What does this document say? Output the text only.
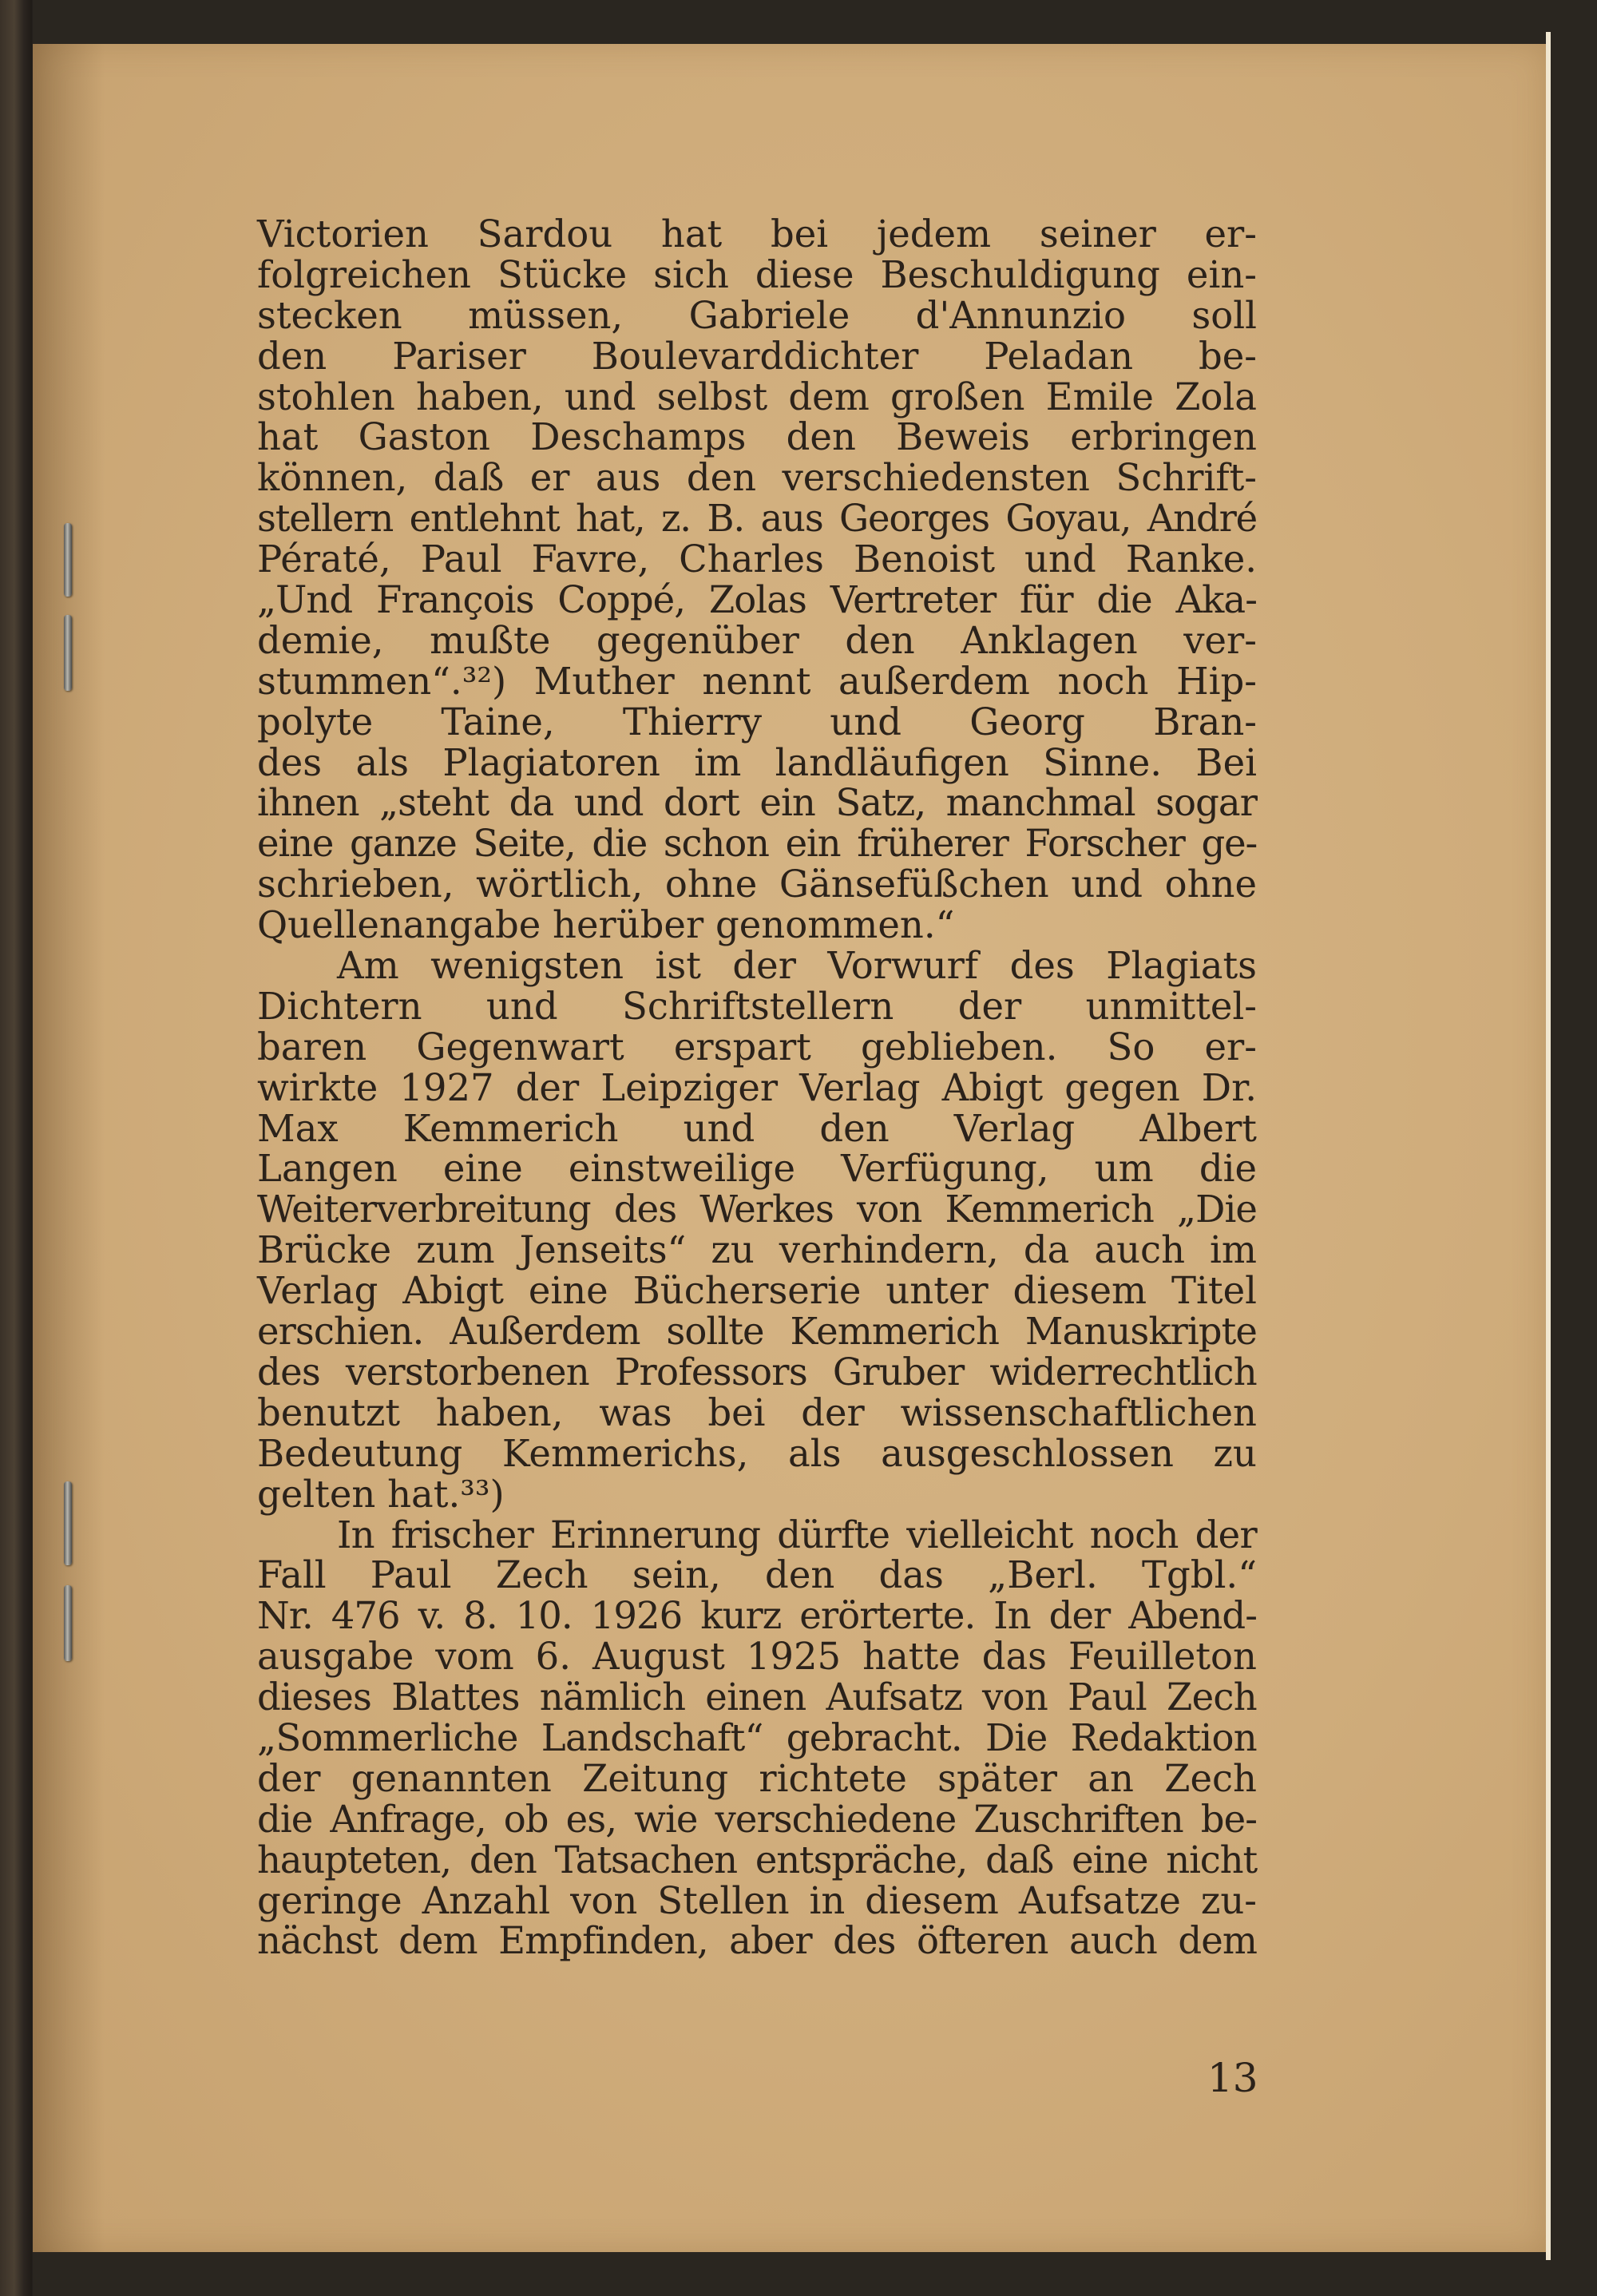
Victorien Sardou hat bei jedem seiner er-
folgreichen Stücke sich diese Beschuldigung ein-
stecken müssen, Gabriele d'Annunzio soll
den Pariser Boulevarddichter Peladan be-
stohlen haben, und selbst dem großen Emile Zola
hat Gaston Deschamps den Beweis erbringen
können, daß er aus den verschiedensten Schrift-
stellern entlehnt hat, z. B. aus Georges Goyau, André
Pératé, Paul Favre, Charles Benoist und Ranke.
„Und François Coppé, Zolas Vertreter für die Aka-
demie, mußte gegenüber den Anklagen ver-
stummen“.³²) Muther nennt außerdem noch Hip-
polyte Taine, Thierry und Georg Bran-
des als Plagiatoren im landläufigen Sinne. Bei
ihnen „steht da und dort ein Satz, manchmal sogar
eine ganze Seite, die schon ein früherer Forscher ge-
schrieben, wörtlich, ohne Gänsefüßchen und ohne
Quellenangabe herüber genommen.“
Am wenigsten ist der Vorwurf des Plagiats
Dichtern und Schriftstellern der unmittel-
baren Gegenwart erspart geblieben. So er-
wirkte 1927 der Leipziger Verlag Abigt gegen Dr.
Max Kemmerich und den Verlag Albert
Langen eine einstweilige Verfügung, um die
Weiterverbreitung des Werkes von Kemmerich „Die
Brücke zum Jenseits“ zu verhindern, da auch im
Verlag Abigt eine Bücherserie unter diesem Titel
erschien. Außerdem sollte Kemmerich Manuskripte
des verstorbenen Professors Gruber widerrechtlich
benutzt haben, was bei der wissenschaftlichen
Bedeutung Kemmerichs, als ausgeschlossen zu
gelten hat.³³)
In frischer Erinnerung dürfte vielleicht noch der
Fall Paul Zech sein, den das „Berl. Tgbl.“
Nr. 476 v. 8. 10. 1926 kurz erörterte. In der Abend-
ausgabe vom 6. August 1925 hatte das Feuilleton
dieses Blattes nämlich einen Aufsatz von Paul Zech
„Sommerliche Landschaft“ gebracht. Die Redaktion
der genannten Zeitung richtete später an Zech
die Anfrage, ob es, wie verschiedene Zuschriften be-
haupteten, den Tatsachen entspräche, daß eine nicht
geringe Anzahl von Stellen in diesem Aufsatze zu-
nächst dem Empfinden, aber des öfteren auch dem
13
